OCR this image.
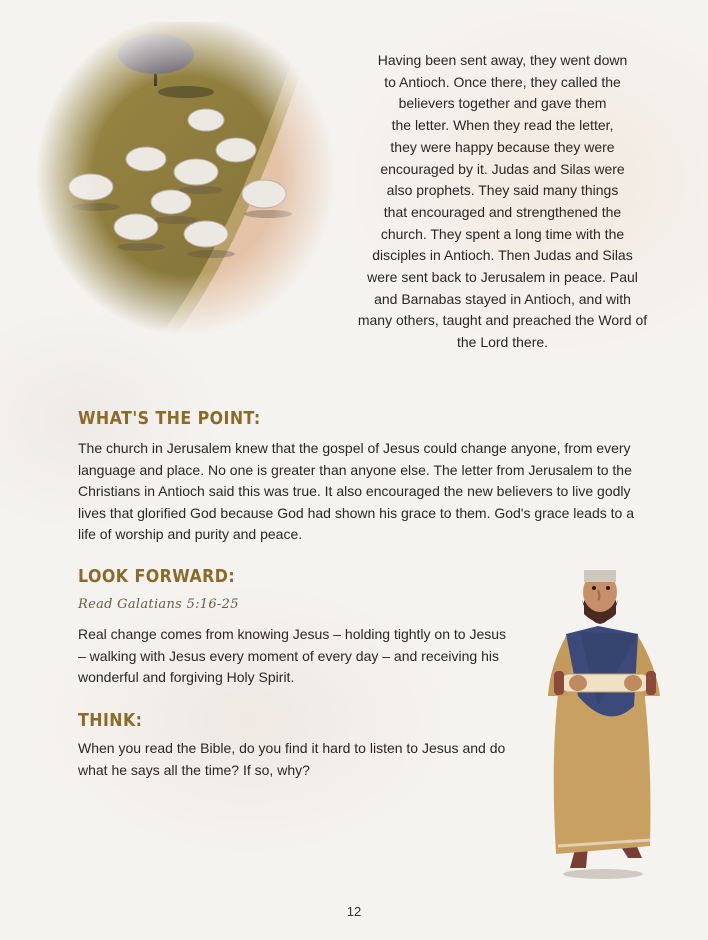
Having been sent away, they went down
to Antioch. Once there, they called the
believers together and gave them
the letter. When they read the letter,
they were happy because they were
encouraged by it. Judas and Silas were
also prophets. They said many things
that encouraged and strengthened the
church. They spent a long time with the
disciples in Antioch. Then Judas and Silas
were sent back to Jerusalem in peace. Paul
and Barnabas stayed in Antioch, and with
many others, taught and preached the Word of
the Lord there.
WHAT'S THE POINT:
The church in Jerusalem knew that the gospel of Jesus could change anyone, from every
language and place. No one is greater than anyone else. The letter from Jerusalem to the
Christians in Antioch said this was true. It also encouraged the new believers to live godly
lives that glorified God because God had shown his grace to them. God's grace leads to a
life of worship and purity and peace.
LOOK FORWARD:
Read Galatians 5:16-25
Real change comes from knowing Jesus – holding tightly on to Jesus
– walking with Jesus every moment of every day – and receiving his
wonderful and forgiving Holy Spirit.
THINK:
When you read the Bible, do you find it hard to listen to Jesus and do
what he says all the time? If so, why?
12
